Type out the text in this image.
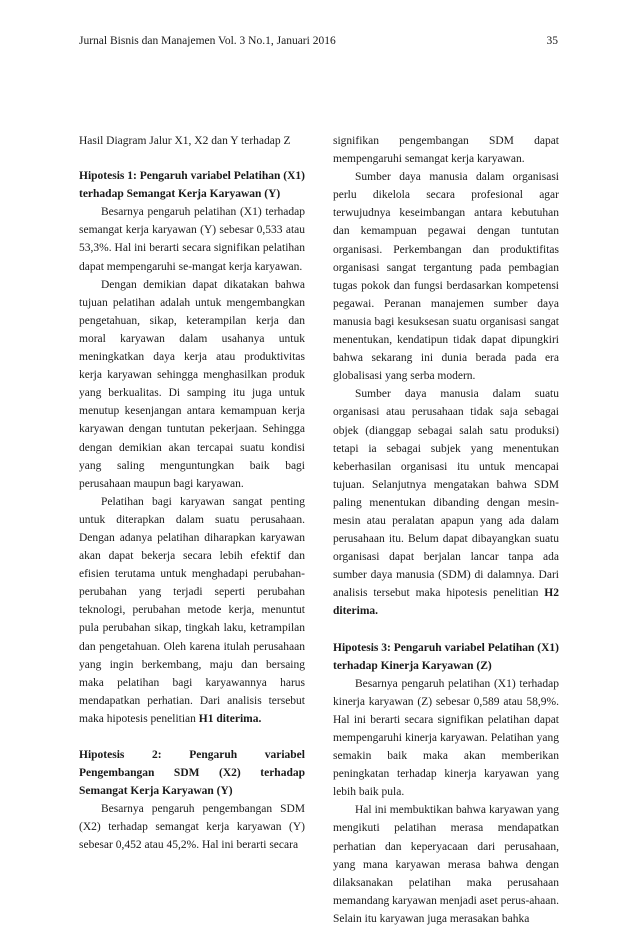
Jurnal Bisnis dan Manajemen Vol. 3 No.1, Januari 2016	35

Hasil Diagram Jalur X1, X2 dan Y terhadap Z

Hipotesis 1: Pengaruh variabel Pelatihan (X1) terhadap Semangat Kerja Karyawan (Y)

Besarnya pengaruh pelatihan (X1) terhadap semangat kerja karyawan (Y) sebesar 0,533 atau 53,3%. Hal ini berarti secara signifikan pelatihan dapat mempengaruhi se-mangat kerja karyawan.

Dengan demikian dapat dikatakan bahwa tujuan pelatihan adalah untuk mengembangkan pengetahuan, sikap, keterampilan kerja dan moral karyawan dalam usahanya untuk meningkatkan daya kerja atau produktivitas kerja karyawan sehingga menghasilkan produk yang berkualitas. Di samping itu juga untuk menutup kesenjangan antara kemampuan kerja karyawan dengan tuntutan pekerjaan. Sehingga dengan demikian akan tercapai suatu kondisi yang saling menguntungkan baik bagi perusahaan maupun bagi karyawan.

Pelatihan bagi karyawan sangat penting untuk diterapkan dalam suatu perusahaan. Dengan adanya pelatihan diharapkan karyawan akan dapat bekerja secara lebih efektif dan efisien terutama untuk menghadapi perubahan-perubahan yang terjadi seperti perubahan teknologi, perubahan metode kerja, menuntut pula perubahan sikap, tingkah laku, ketrampilan dan pengetahuan. Oleh karena itulah perusahaan yang ingin berkembang, maju dan bersaing maka pelatihan bagi karyawannya harus mendapatkan perhatian. Dari analisis tersebut maka hipotesis penelitian H1 diterima.

Hipotesis 2: Pengaruh variabel Pengembangan SDM (X2) terhadap Semangat Kerja Karyawan (Y)

Besarnya pengaruh pengembangan SDM (X2) terhadap semangat kerja karyawan (Y) sebesar 0,452 atau 45,2%. Hal ini berarti secara

signifikan pengembangan SDM dapat mempengaruhi semangat kerja karyawan.

Sumber daya manusia dalam organisasi perlu dikelola secara profesional agar terwujudnya keseimbangan antara kebutuhan dan kemampuan pegawai dengan tuntutan organisasi. Perkembangan dan produktifitas organisasi sangat tergantung pada pembagian tugas pokok dan fungsi berdasarkan kompetensi pegawai. Peranan manajemen sumber daya manusia bagi kesuksesan suatu organisasi sangat menentukan, kendatipun tidak dapat dipungkiri bahwa sekarang ini dunia berada pada era globalisasi yang serba modern.

Sumber daya manusia dalam suatu organisasi atau perusahaan tidak saja sebagai objek (dianggap sebagai salah satu produksi) tetapi ia sebagai subjek yang menentukan keberhasilan organisasi itu untuk mencapai tujuan. Selanjutnya mengatakan bahwa SDM paling menentukan dibanding dengan mesin-mesin atau peralatan apapun yang ada dalam perusahaan itu. Belum dapat dibayangkan suatu organisasi dapat berjalan lancar tanpa ada sumber daya manusia (SDM) di dalamnya. Dari analisis tersebut maka hipotesis penelitian H2 diterima.

Hipotesis 3: Pengaruh variabel Pelatihan (X1) terhadap Kinerja Karyawan (Z)

Besarnya pengaruh pelatihan (X1) terhadap kinerja karyawan (Z) sebesar 0,589 atau 58,9%. Hal ini berarti secara signifikan pelatihan dapat mempengaruhi kinerja karyawan. Pelatihan yang semakin baik maka akan memberikan peningkatan terhadap kinerja karyawan yang lebih baik pula.

Hal ini membuktikan bahwa karyawan yang mengikuti pelatihan merasa mendapatkan perhatian dan keperyacaan dari perusahaan, yang mana karyawan merasa bahwa dengan dilaksanakan pelatihan maka perusahaan memandang karyawan menjadi aset perus-ahaan. Selain itu karyawan juga merasakan bahka
